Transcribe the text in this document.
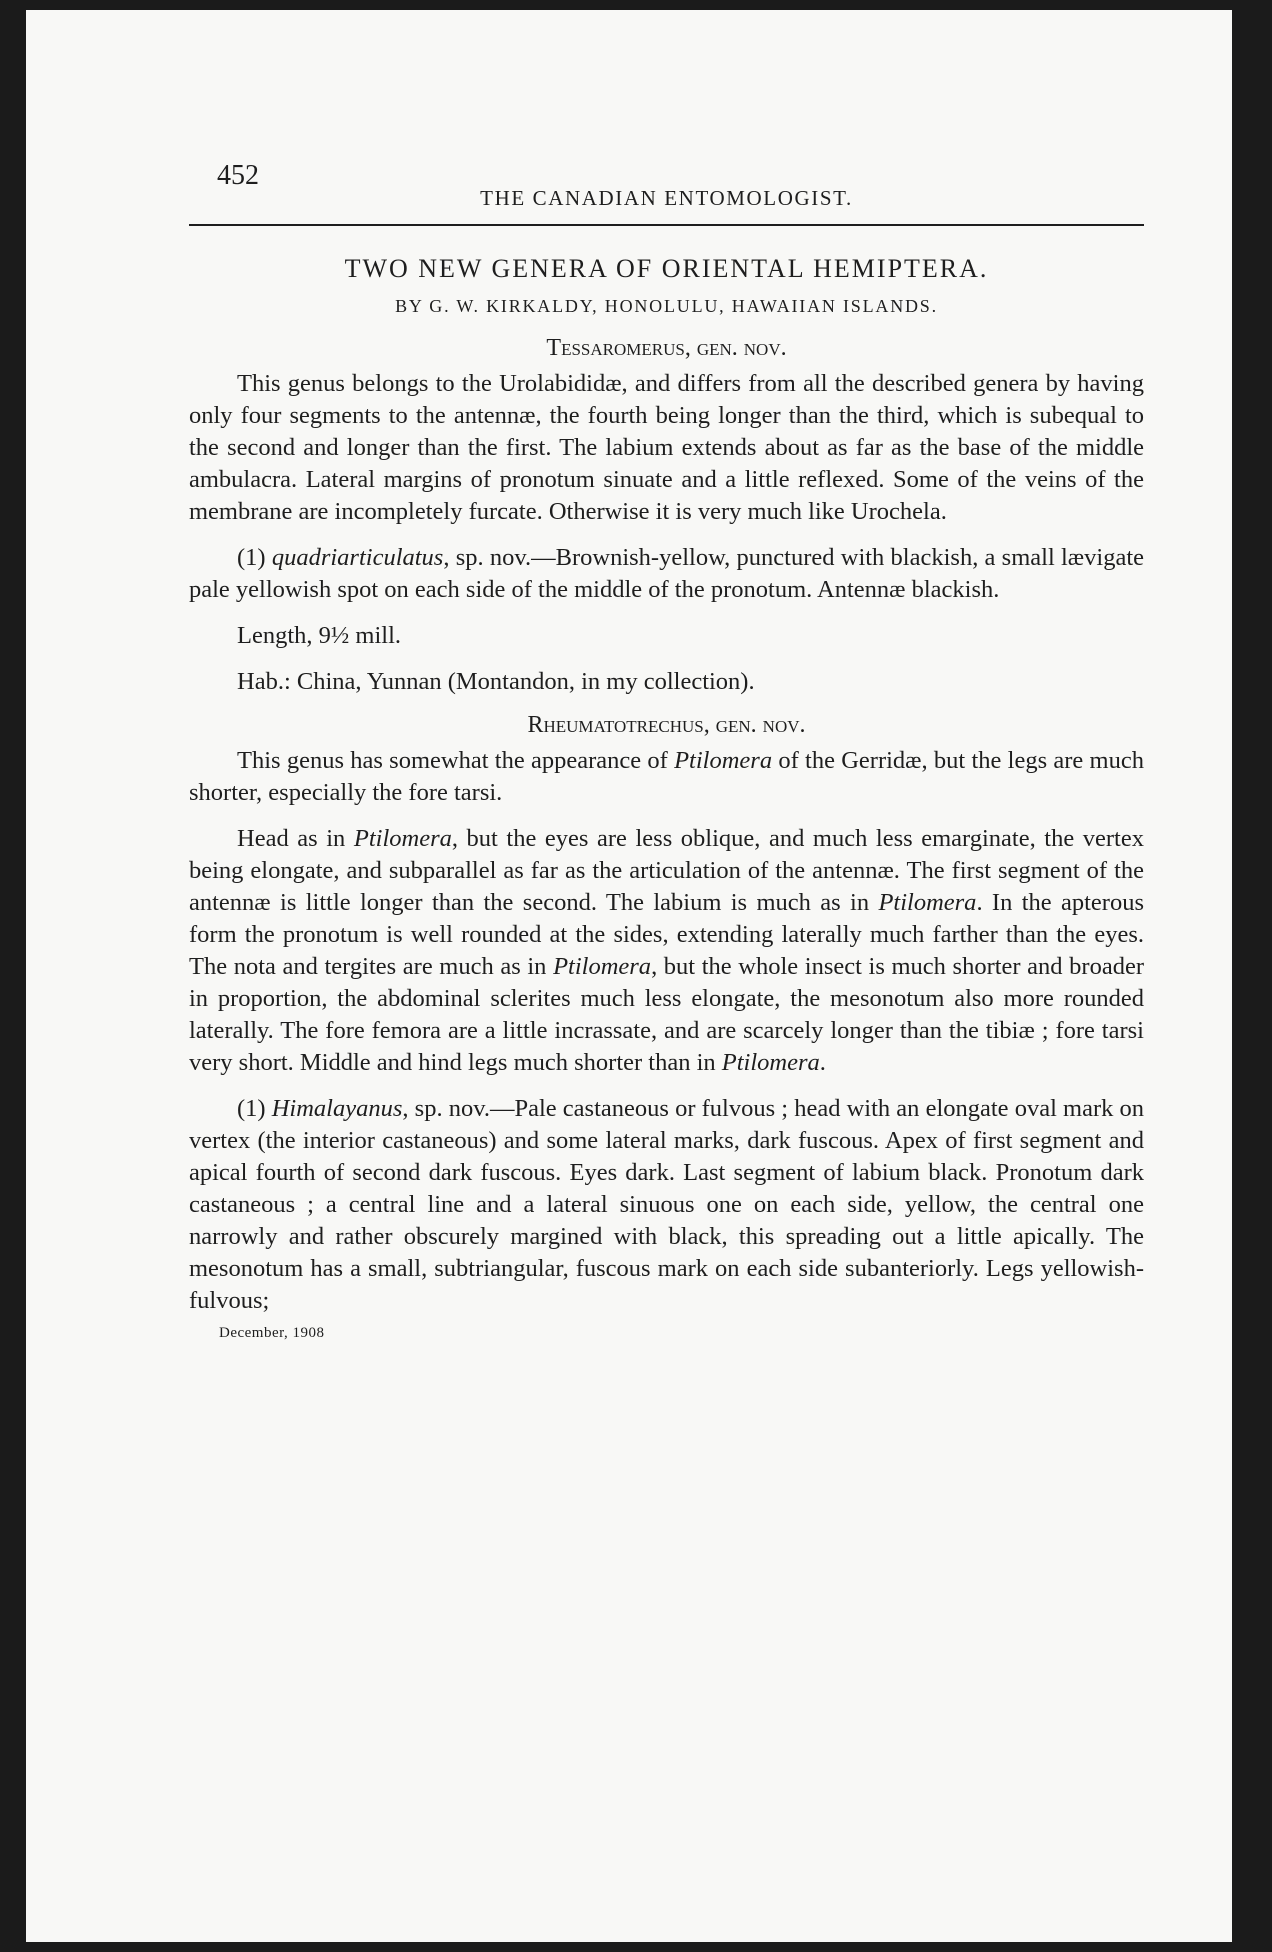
452
THE CANADIAN ENTOMOLOGIST.
TWO NEW GENERA OF ORIENTAL HEMIPTERA.
BY G. W. KIRKALDY, HONOLULU, HAWAIIAN ISLANDS.
Tessaromerus, gen. nov.

This genus belongs to the Urolabididæ, and differs from all the described genera by having only four segments to the antennæ, the fourth being longer than the third, which is subequal to the second and longer than the first. The labium extends about as far as the base of the middle ambulacra. Lateral margins of pronotum sinuate and a little reflexed. Some of the veins of the membrane are incompletely furcate. Otherwise it is very much like Urochela.

(1) quadriarticulatus, sp. nov.—Brownish-yellow, punctured with blackish, a small lævigate pale yellowish spot on each side of the middle of the pronotum. Antennæ blackish.

Length, 9½ mill.

Hab.: China, Yunnan (Montandon, in my collection).

Rheumatotrechus, gen. nov.

This genus has somewhat the appearance of Ptilomera of the Gerridæ, but the legs are much shorter, especially the fore tarsi.

Head as in Ptilomera, but the eyes are less oblique, and much less emarginate, the vertex being elongate, and subparallel as far as the articulation of the antennæ. The first segment of the antennæ is little longer than the second. The labium is much as in Ptilomera. In the apterous form the pronotum is well rounded at the sides, extending laterally much farther than the eyes. The nota and tergites are much as in Ptilomera, but the whole insect is much shorter and broader in proportion, the abdominal sclerites much less elongate, the mesonotum also more rounded laterally. The fore femora are a little incrassate, and are scarcely longer than the tibiæ ; fore tarsi very short. Middle and hind legs much shorter than in Ptilomera.

(1) Himalayanus, sp. nov.—Pale castaneous or fulvous ; head with an elongate oval mark on vertex (the interior castaneous) and some lateral marks, dark fuscous. Apex of first segment and apical fourth of second dark fuscous. Eyes dark. Last segment of labium black. Pronotum dark castaneous ; a central line and a lateral sinuous one on each side, yellow, the central one narrowly and rather obscurely margined with black, this spreading out a little apically. The mesonotum has a small, subtriangular, fuscous mark on each side subanteriorly. Legs yellowish-fulvous;

December, 1908
